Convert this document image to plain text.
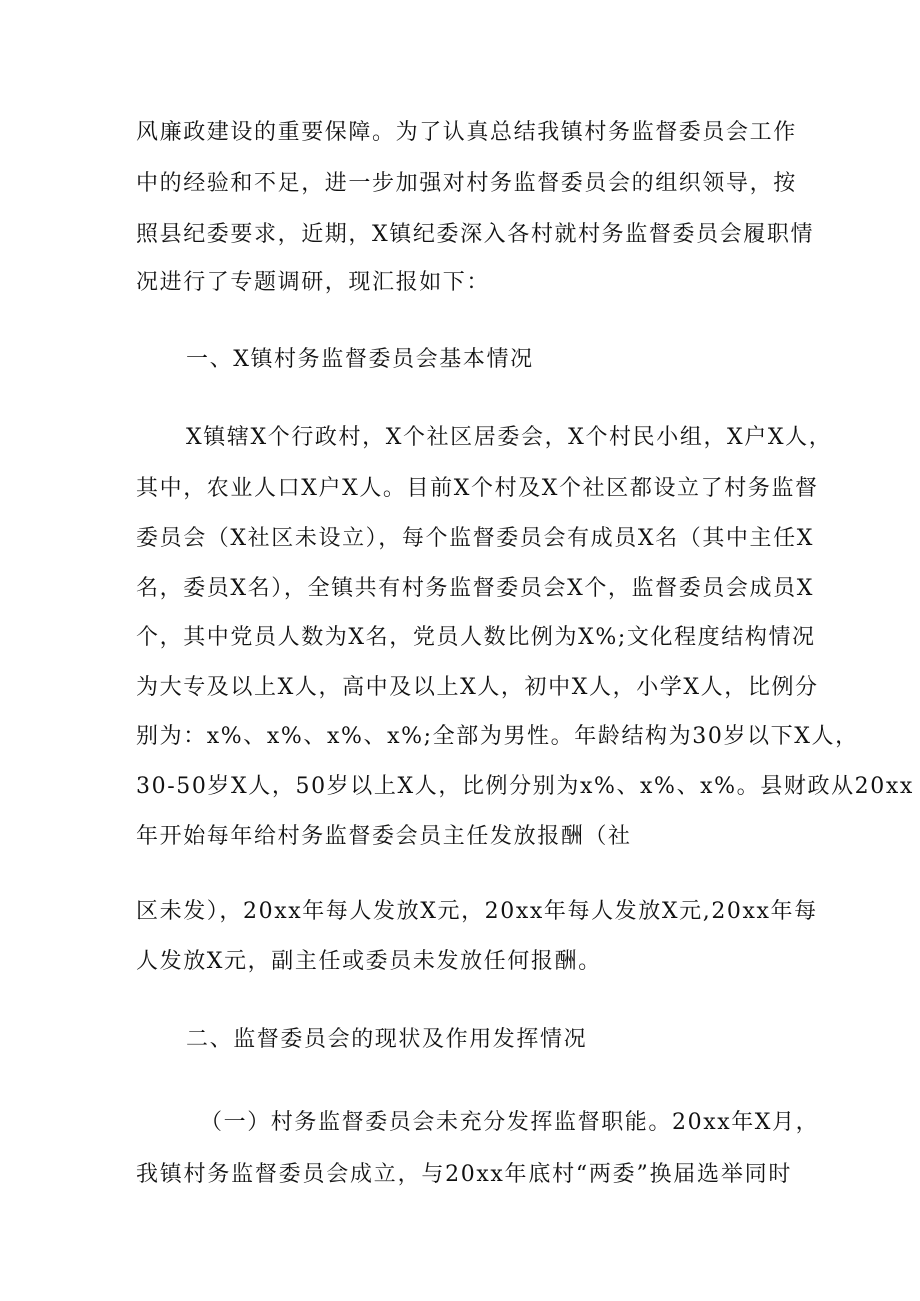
风廉政建设的重要保障。为了认真总结我镇村务监督委员会工作
中的经验和不足，进一步加强对村务监督委员会的组织领导，按
照县纪委要求，近期，X镇纪委深入各村就村务监督委员会履职情
况进行了专题调研，现汇报如下：
一、X镇村务监督委员会基本情况
X镇辖X个行政村，X个社区居委会，X个村民小组，X户X人，
其中，农业人口X户X人。目前X个村及X个社区都设立了村务监督
委员会（X社区未设立），每个监督委员会有成员X名（其中主任X
名，委员X名），全镇共有村务监督委员会X个，监督委员会成员X
个，其中党员人数为X名，党员人数比例为X%;文化程度结构情况
为大专及以上X人，高中及以上X人，初中X人，小学X人，比例分
别为：x%、x%、x%、x%;全部为男性。年龄结构为30岁以下X人，
30-50岁X人，50岁以上X人，比例分别为x%、x%、x%。县财政从20xx
年开始每年给村务监督委会员主任发放报酬（社
区未发），20xx年每人发放X元，20xx年每人发放X元,20xx年每
人发放X元，副主任或委员未发放任何报酬。
二、监督委员会的现状及作用发挥情况
（一）村务监督委员会未充分发挥监督职能。20xx年X月，
我镇村务监督委员会成立，与20xx年底村“两委”换届选举同时
